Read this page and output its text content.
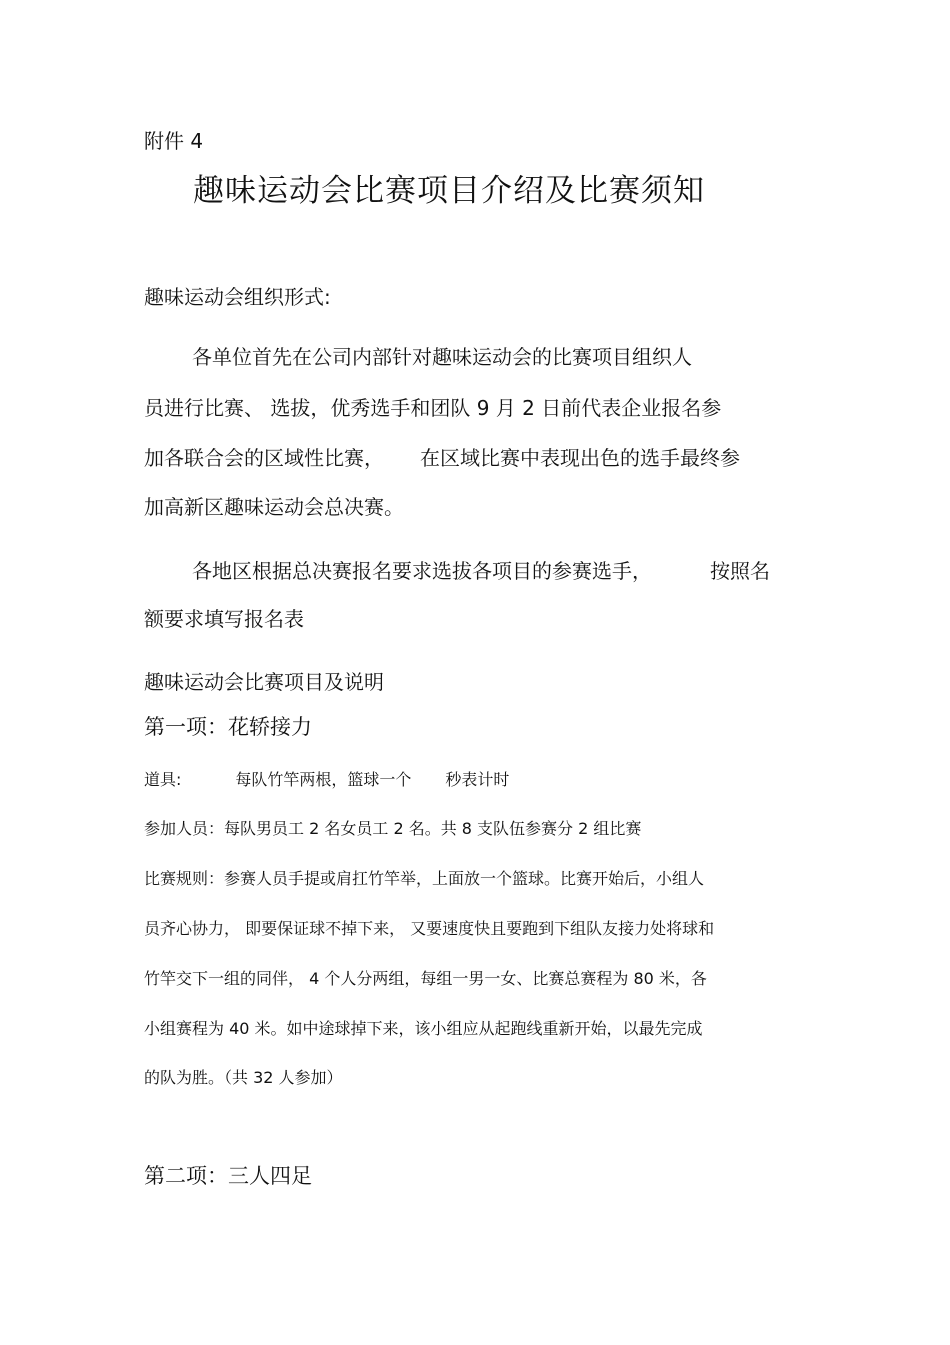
附件 4
趣味运动会比赛项目介绍及比赛须知
趣味运动会组织形式:
各单位首先在公司内部针对趣味运动会的比赛项目组织人
员进行比赛、 选拔，优秀选手和团队 9 月 2 日前代表企业报名参
加各联合会的区域性比赛， 在区域比赛中表现出色的选手最终参
加高新区趣味运动会总决赛。
各地区根据总决赛报名要求选拔各项目的参赛选手，	按照名
额要求填写报名表
趣味运动会比赛项目及说明
第一项：花轿接力
道具:	每队竹竿两根，篮球一个 秒表计时
参加人员：每队男员工 2 名女员工 2 名。共 8 支队伍参赛分 2 组比赛
比赛规则：参赛人员手提或肩扛竹竿举，上面放一个篮球。比赛开始后，小组人
员齐心协力， 即要保证球不掉下来， 又要速度快且要跑到下组队友接力处将球和
竹竿交下一组的同伴， 4 个人分两组，每组一男一女、比赛总赛程为 80 米，各
小组赛程为 40 米。如中途球掉下来，该小组应从起跑线重新开始，以最先完成
的队为胜。（共 32 人参加）
第二项：三人四足
